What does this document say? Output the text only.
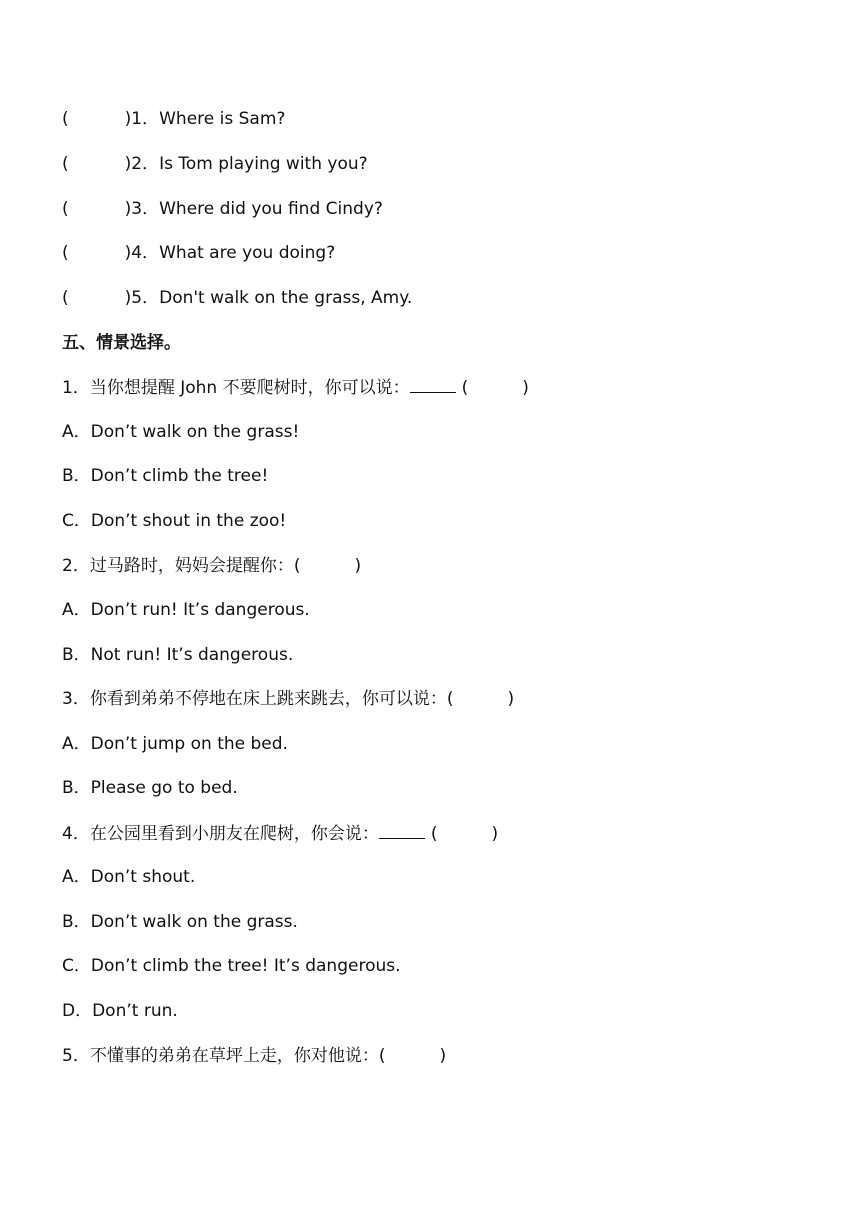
(	)1．Where is Sam?
(	)2．Is Tom playing with you?
(	)3．Where did you find Cindy?
(	)4．What are you doing?
(	)5．Don't walk on the grass, Amy.
五、情景选择。
1．当你想提醒 John 不要爬树时，你可以说：	(	)
A．Don’t walk on the grass!
B．Don’t climb the tree!
C．Don’t shout in the zoo!
2．过马路时，妈妈会提醒你：(	)
A．Don’t run! It’s dangerous.
B．Not run! It’s dangerous.
3．你看到弟弟不停地在床上跳来跳去，你可以说：(	)
A．Don’t jump on the bed.
B．Please go to bed.
4．在公园里看到小朋友在爬树，你会说：	(	)
A．Don’t shout.
B．Don’t walk on the grass.
C．Don’t climb the tree! It’s dangerous.
D．Don’t run.
5．不懂事的弟弟在草坪上走，你对他说：(	)
